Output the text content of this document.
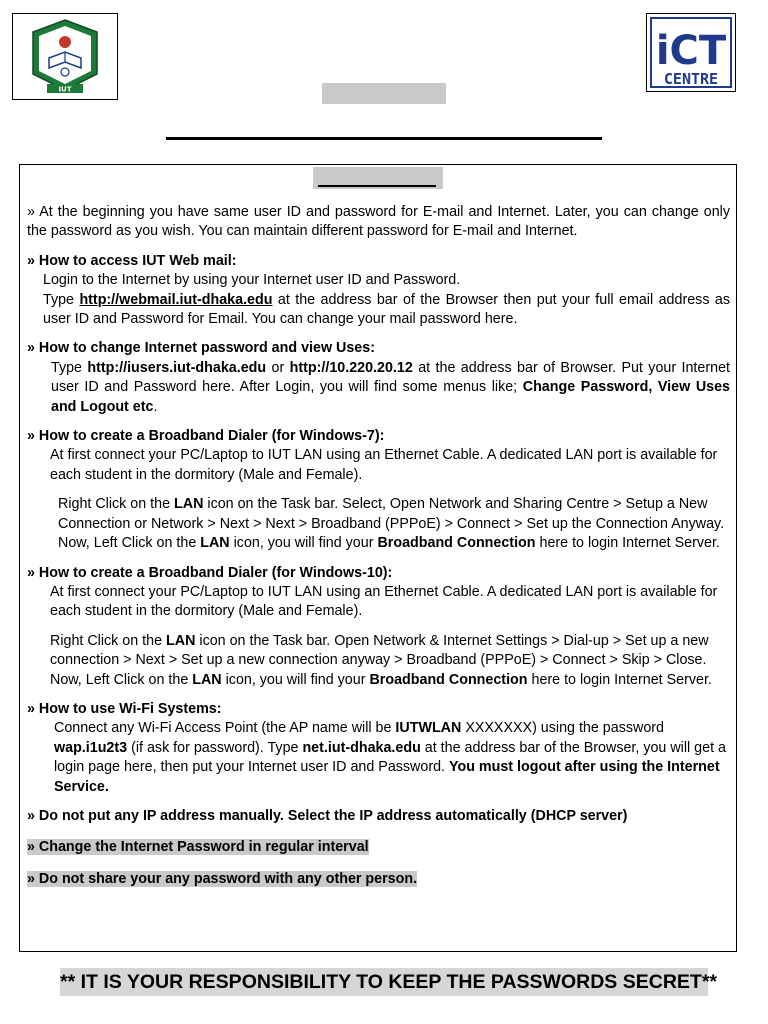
IUT
iCT
CENTRE

» At the beginning you have same user ID and password for E-mail and Internet. Later, you can change only the password as you wish. You can maintain different password for E-mail and Internet.

» How to access IUT Web mail:

Login to the Internet by using your Internet user ID and Password.

Type http://webmail.iut-dhaka.edu at the address bar of the Browser then put your full email address as user ID and Password for Email. You can change your mail password here.

» How to change Internet password and view Uses:

Type http://iusers.iut-dhaka.edu or http://10.220.20.12 at the address bar of Browser. Put your Internet user ID and Password here. After Login, you will find some menus like; Change Password, View Uses and Logout etc.

» How to create a Broadband Dialer (for Windows-7):

At first connect your PC/Laptop to IUT LAN using an Ethernet Cable. A dedicated LAN port is available for each student in the dormitory (Male and Female).

Right Click on the LAN icon on the Task bar. Select, Open Network and Sharing Centre > Setup a New Connection or Network > Next > Next > Broadband (PPPoE) > Connect > Set up the Connection Anyway. Now, Left Click on the LAN icon, you will find your Broadband Connection here to login Internet Server.

» How to create a Broadband Dialer (for Windows-10):

At first connect your PC/Laptop to IUT LAN using an Ethernet Cable. A dedicated LAN port is available for each student in the dormitory (Male and Female).

Right Click on the LAN icon on the Task bar. Open Network & Internet Settings > Dial-up > Set up a new connection > Next > Set up a new connection anyway > Broadband (PPPoE) > Connect > Skip > Close. Now, Left Click on the LAN icon, you will find your Broadband Connection here to login Internet Server.

» How to use Wi-Fi Systems:

Connect any Wi-Fi Access Point (the AP name will be IUTWLAN XXXXXXX) using the password wap.i1u2t3 (if ask for password). Type net.iut-dhaka.edu at the address bar of the Browser, you will get a login page here, then put your Internet user ID and Password. You must logout after using the Internet Service.

» Do not put any IP address manually. Select the IP address automatically (DHCP server)

» Change the Internet Password in regular interval

» Do not share your any password with any other person.

** IT IS YOUR RESPONSIBILITY TO KEEP THE PASSWORDS SECRET**
